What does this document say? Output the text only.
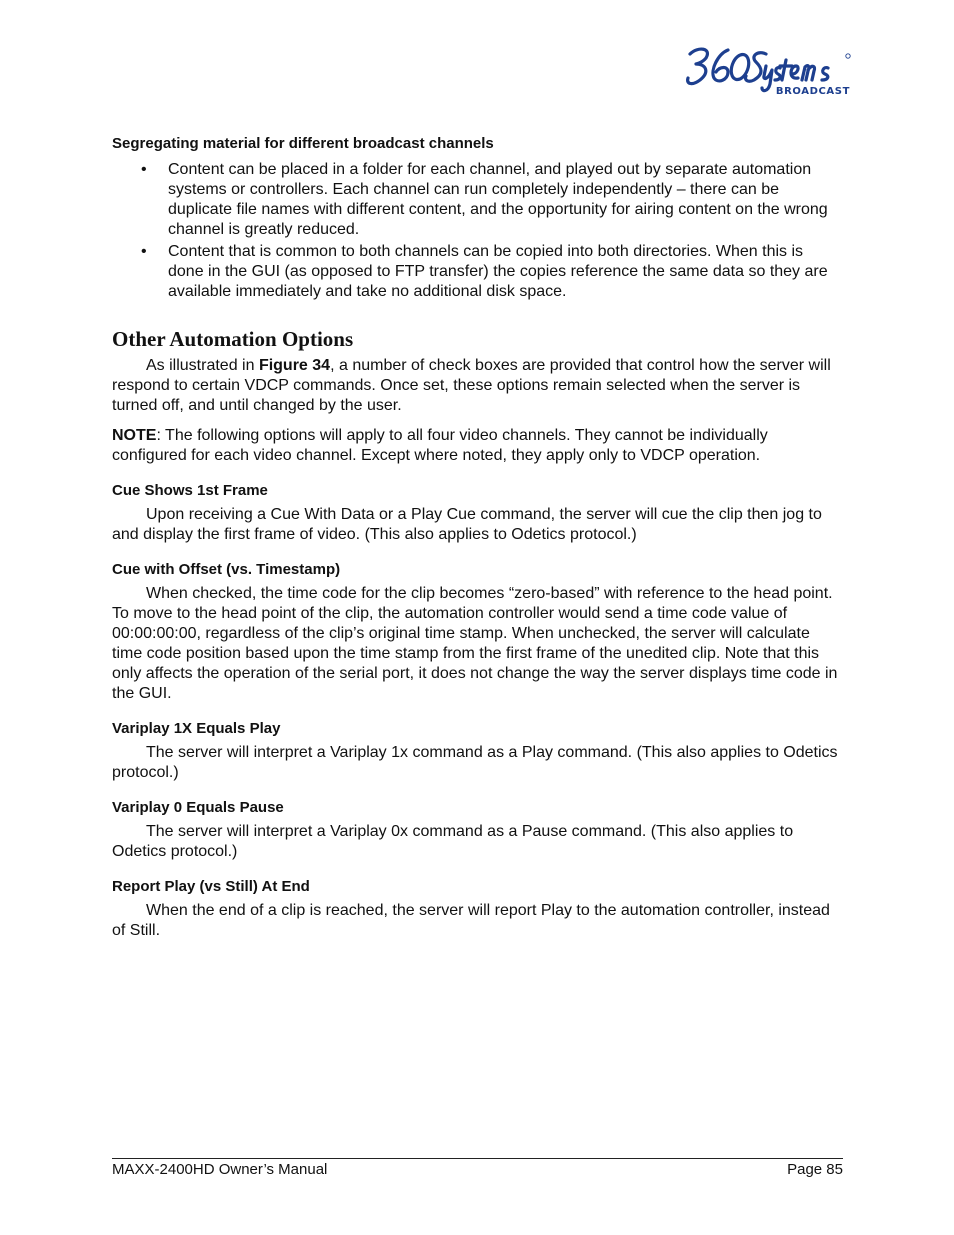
BROADCAST
Segregating material for different broadcast channels
• Content can be placed in a folder for each channel, and played out by separate automation systems or controllers. Each channel can run completely independently – there can be duplicate file names with different content, and the opportunity for airing content on the wrong channel is greatly reduced.
• Content that is common to both channels can be copied into both directories. When this is done in the GUI (as opposed to FTP transfer) the copies reference the same data so they are available immediately and take no additional disk space.
Other Automation Options

As illustrated in Figure 34, a number of check boxes are provided that control how the server will respond to certain VDCP commands. Once set, these options remain selected when the server is turned off, and until changed by the user.

NOTE: The following options will apply to all four video channels. They cannot be individually configured for each video channel. Except where noted, they apply only to VDCP operation.

Cue Shows 1st Frame

Upon receiving a Cue With Data or a Play Cue command, the server will cue the clip then jog to and display the first frame of video. (This also applies to Odetics protocol.)

Cue with Offset (vs. Timestamp)

When checked, the time code for the clip becomes “zero-based” with reference to the head point. To move to the head point of the clip, the automation controller would send a time code value of 00:00:00:00, regardless of the clip’s original time stamp. When unchecked, the server will calculate time code position based upon the time stamp from the first frame of the unedited clip. Note that this only affects the operation of the serial port, it does not change the way the server displays time code in the GUI.

Variplay 1X Equals Play

The server will interpret a Variplay 1x command as a Play command. (This also applies to Odetics protocol.)

Variplay 0 Equals Pause

The server will interpret a Variplay 0x command as a Pause command. (This also applies to Odetics protocol.)

Report Play (vs Still) At End

When the end of a clip is reached, the server will report Play to the automation controller, instead of Still.

MAXX-2400HD Owner’s Manual	Page 85
